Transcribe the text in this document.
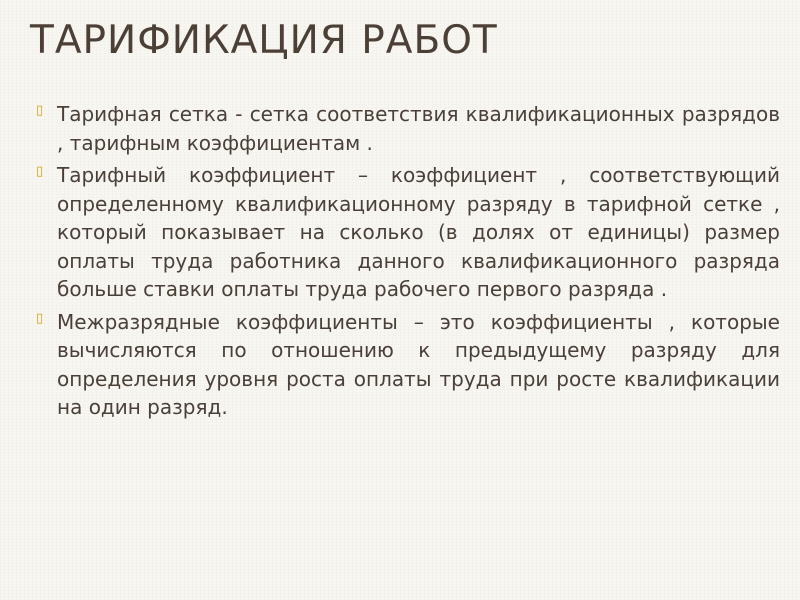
ТАРИФИКАЦИЯ РАБОТ
▯ Тарифная сетка - сетка соответствия квалификационных разрядов , тарифным коэффициентам .
▯ Тарифный коэффициент – коэффициент , соответствующий определенному квалификационному разряду в тарифной сетке , который показывает на сколько (в долях от единицы) размер оплаты труда работника данного квалификационного разряда больше ставки оплаты труда рабочего первого разряда .
▯ Межразрядные коэффициенты – это коэффициенты , которые вычисляются по отношению к предыдущему разряду для определения уровня роста оплаты труда при росте квалификации на один разряд.
